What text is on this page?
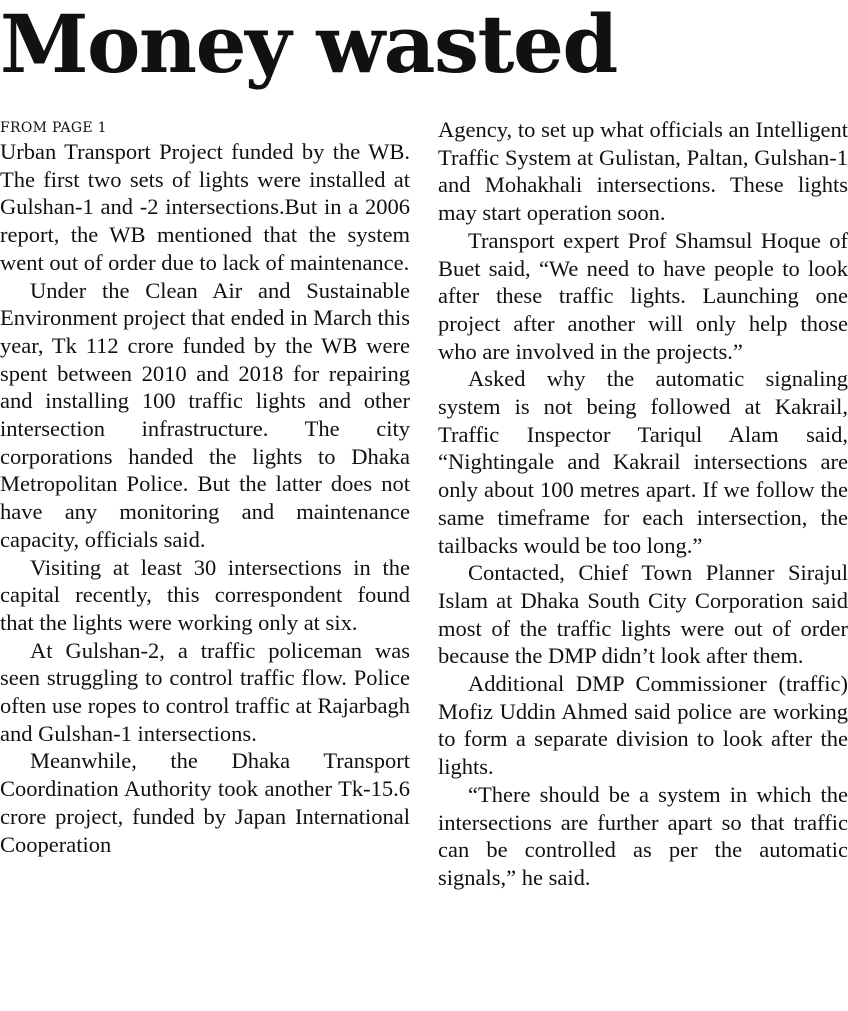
Money wasted

FROM PAGE 1

Urban Transport Project funded by the WB. The first two sets of lights were installed at Gulshan-1 and -2 intersections.But in a 2006 report, the WB mentioned that the system went out of order due to lack of maintenance.

Under the Clean Air and Sustainable Environment project that ended in March this year, Tk 112 crore funded by the WB were spent between 2010 and 2018 for repairing and installing 100 traffic lights and other intersection infrastructure. The city corporations handed the lights to Dhaka Metropolitan Police. But the latter does not have any monitoring and maintenance capacity, officials said.

Visiting at least 30 intersections in the capital recently, this correspondent found that the lights were working only at six.

At Gulshan-2, a traffic policeman was seen struggling to control traffic flow. Police often use ropes to control traffic at Rajarbagh and Gulshan-1 intersections.

Meanwhile, the Dhaka Transport Coordination Authority took another Tk-15.6 crore project, funded by Japan International Cooperation

Agency, to set up what officials an Intelligent Traffic System at Gulistan, Paltan, Gulshan-1 and Mohakhali intersections. These lights may start operation soon.

Transport expert Prof Shamsul Hoque of Buet said, “We need to have people to look after these traffic lights. Launching one project after another will only help those who are involved in the projects.”

Asked why the automatic signaling system is not being followed at Kakrail, Traffic Inspector Tariqul Alam said, “Nightingale and Kakrail intersections are only about 100 metres apart. If we follow the same timeframe for each intersection, the tailbacks would be too long.”

Contacted, Chief Town Planner Sirajul Islam at Dhaka South City Corporation said most of the traffic lights were out of order because the DMP didn’t look after them.

Additional DMP Commissioner (traffic) Mofiz Uddin Ahmed said police are working to form a separate division to look after the lights.

“There should be a system in which the intersections are further apart so that traffic can be controlled as per the automatic signals,” he said.
